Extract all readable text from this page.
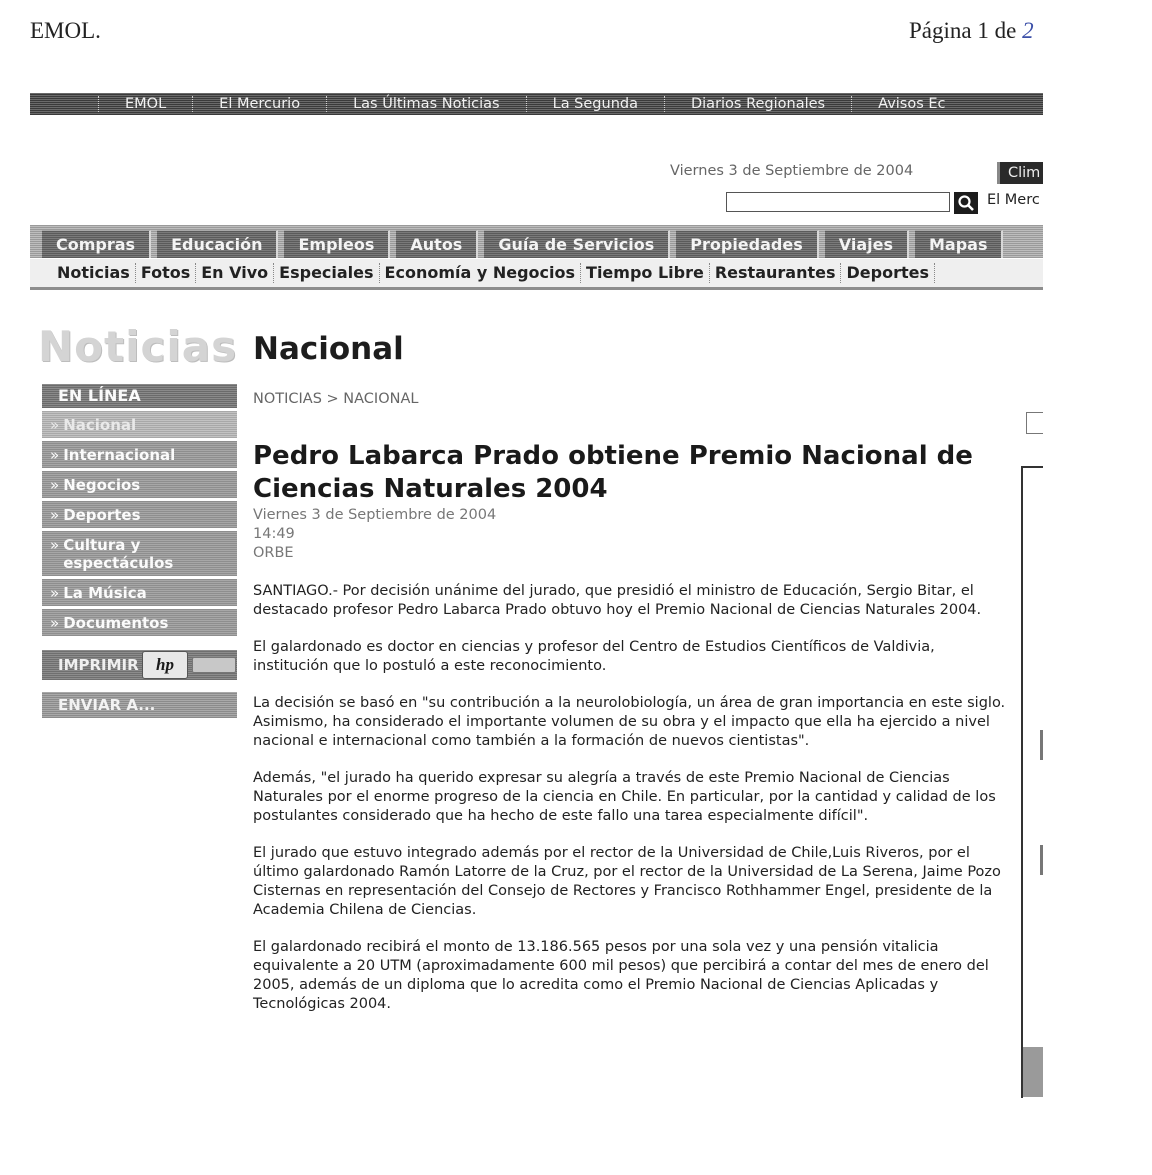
EMOL.	Página 1 de 2
EMOL	El Mercurio	Las Últimas Noticias	La Segunda	Diarios Regionales	Avisos Ec
Viernes 3 de Septiembre de 2004	Clim
El Merc
Compras	Educación	Empleos	Autos	Guía de Servicios	Propiedades	Viajes	Mapas
Noticias Fotos En Vivo Especiales Economía y Negocios Tiempo Libre Restaurantes Deportes
Noticias Nacional
EN LÍNEA
» Nacional
» Internacional
» Negocios
» Deportes
» Cultura y espectáculos
» La Música
» Documentos
IMPRIMIR hp
ENVIAR A...
NOTICIAS > NACIONAL
Pedro Labarca Prado obtiene Premio Nacional de Ciencias Naturales 2004
Viernes 3 de Septiembre de 2004
14:49
ORBE

SANTIAGO.- Por decisión unánime del jurado, que presidió el ministro de Educación, Sergio Bitar, el destacado profesor Pedro Labarca Prado obtuvo hoy el Premio Nacional de Ciencias Naturales 2004.

El galardonado es doctor en ciencias y profesor del Centro de Estudios Científicos de Valdivia, institución que lo postuló a este reconocimiento.

La decisión se basó en "su contribución a la neurolobiología, un área de gran importancia en este siglo. Asimismo, ha considerado el importante volumen de su obra y el impacto que ella ha ejercido a nivel nacional e internacional como también a la formación de nuevos cientistas".

Además, "el jurado ha querido expresar su alegría a través de este Premio Nacional de Ciencias Naturales por el enorme progreso de la ciencia en Chile. En particular, por la cantidad y calidad de los postulantes considerado que ha hecho de este fallo una tarea especialmente difícil".

El jurado que estuvo integrado además por el rector de la Universidad de Chile,Luis Riveros, por el último galardonado Ramón Latorre de la Cruz, por el rector de la Universidad de La Serena, Jaime Pozo Cisternas en representación del Consejo de Rectores y Francisco Rothhammer Engel, presidente de la Academia Chilena de Ciencias.

El galardonado recibirá el monto de 13.186.565 pesos por una sola vez y una pensión vitalicia equivalente a 20 UTM (aproximadamente 600 mil pesos) que percibirá a contar del mes de enero del 2005, además de un diploma que lo acredita como el Premio Nacional de Ciencias Aplicadas y Tecnológicas 2004.
